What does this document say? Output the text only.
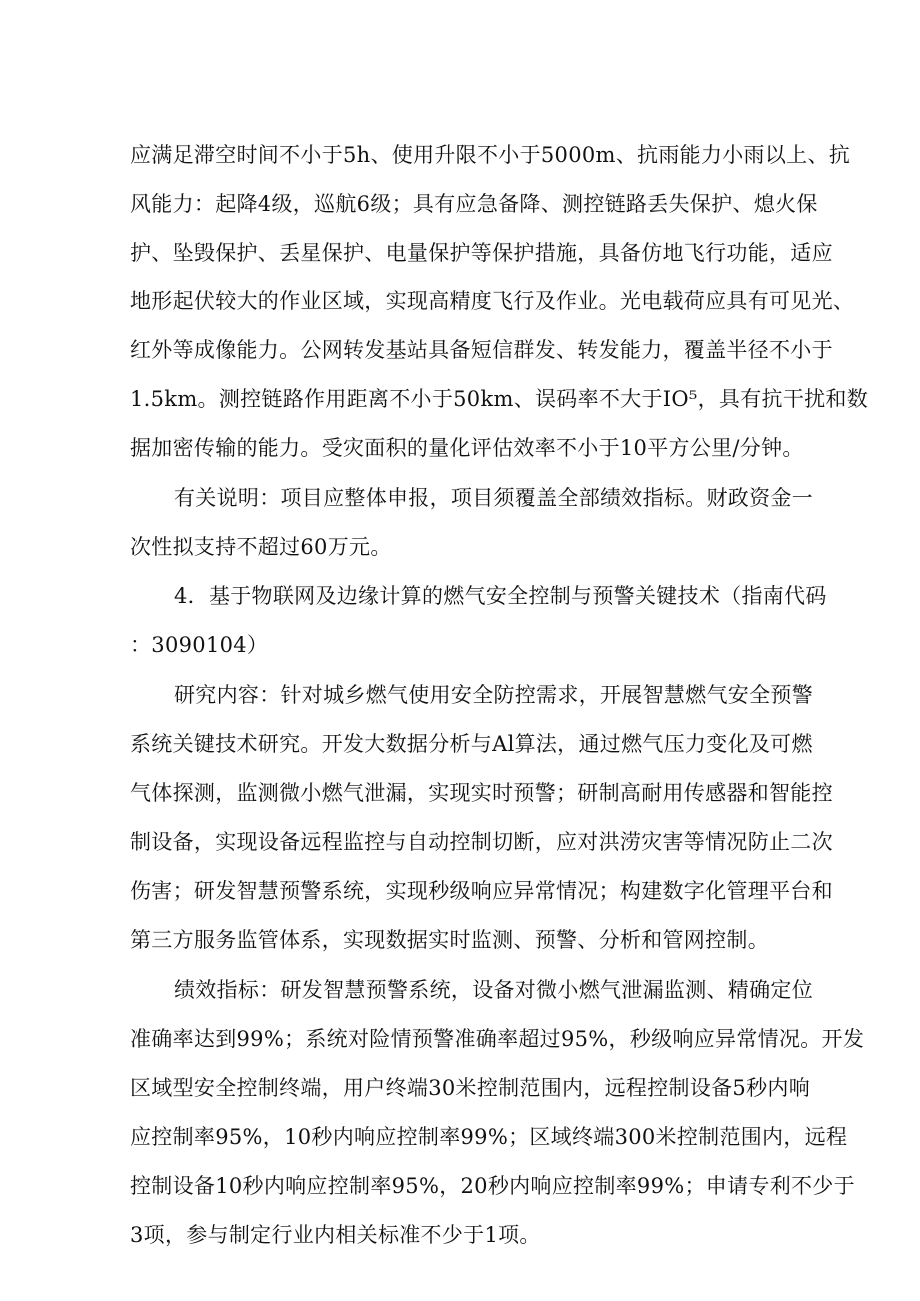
应满足滞空时间不小于5h、使用升限不小于5000m、抗雨能力小雨以上、抗
风能力：起降4级，巡航6级；具有应急备降、测控链路丢失保护、熄火保
护、坠毁保护、丢星保护、电量保护等保护措施，具备仿地飞行功能，适应
地形起伏较大的作业区域，实现高精度飞行及作业。光电载荷应具有可见光、
红外等成像能力。公网转发基站具备短信群发、转发能力，覆盖半径不小于
1.5km。测控链路作用距离不小于50km、误码率不大于IO⁵，具有抗干扰和数
据加密传输的能力。受灾面积的量化评估效率不小于10平方公里/分钟。
有关说明：项目应整体申报，项目须覆盖全部绩效指标。财政资金一
次性拟支持不超过60万元。
4．基于物联网及边缘计算的燃气安全控制与预警关键技术（指南代码
：3090104）
研究内容：针对城乡燃气使用安全防控需求，开展智慧燃气安全预警
系统关键技术研究。开发大数据分析与Al算法，通过燃气压力变化及可燃
气体探测，监测微小燃气泄漏，实现实时预警；研制高耐用传感器和智能控
制设备，实现设备远程监控与自动控制切断，应对洪涝灾害等情况防止二次
伤害；研发智慧预警系统，实现秒级响应异常情况；构建数字化管理平台和
第三方服务监管体系，实现数据实时监测、预警、分析和管网控制。
绩效指标：研发智慧预警系统，设备对微小燃气泄漏监测、精确定位
准确率达到99%；系统对险情预警准确率超过95%，秒级响应异常情况。开发
区域型安全控制终端，用户终端30米控制范围内，远程控制设备5秒内响
应控制率95%，10秒内响应控制率99%；区域终端300米控制范围内，远程
控制设备10秒内响应控制率95%，20秒内响应控制率99%；申请专利不少于
3项，参与制定行业内相关标准不少于1项。
